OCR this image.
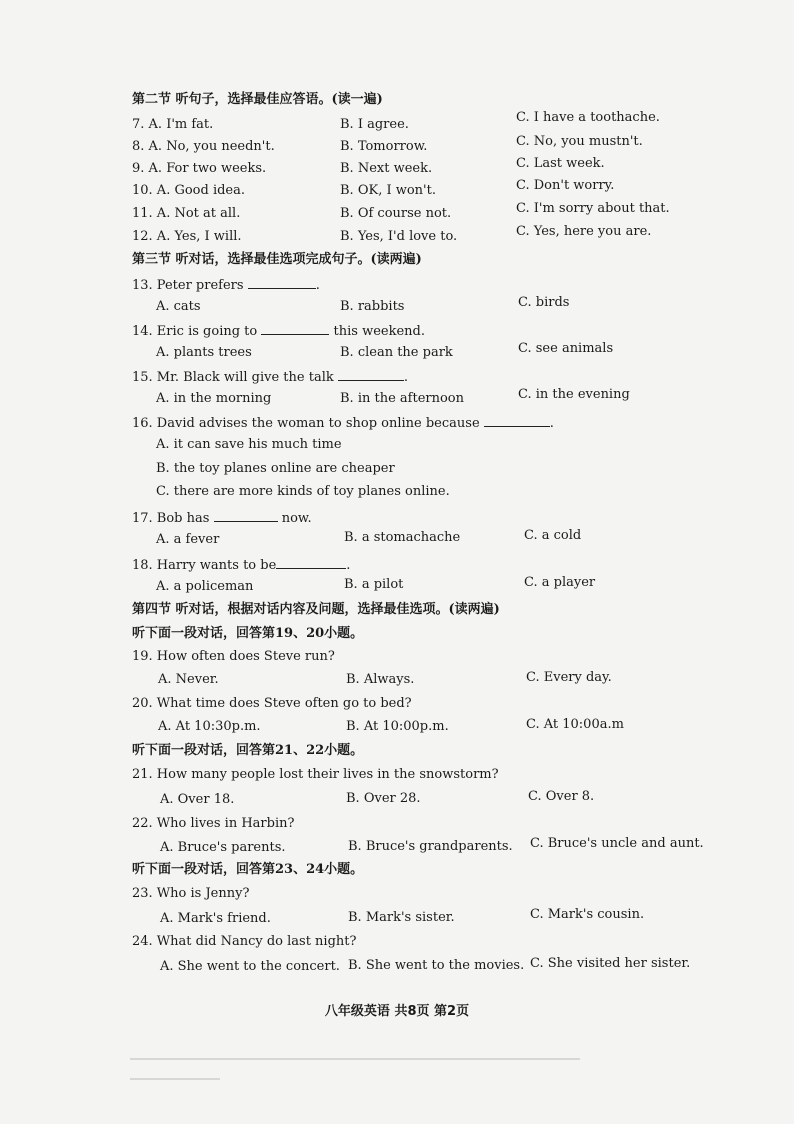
第二节 听句子，选择最佳应答语。(读一遍)
7. A. I'm fat.	B. I agree.	C. I have a toothache.
8. A. No, you needn't.	B. Tomorrow.	C. No, you mustn't.
9. A. For two weeks.	B. Next week.	C. Last week.
10. A. Good idea.	B. OK, I won't.	C. Don't worry.
11. A. Not at all.	B. Of course not.	C. I'm sorry about that.
12. A. Yes, I will.	B. Yes, I'd love to.	C. Yes, here you are.
第三节 听对话，选择最佳选项完成句子。(读两遍)
13. Peter prefers	.
A. cats	B. rabbits	C. birds
14. Eric is going to	this weekend.
A. plants trees	B. clean the park	C. see animals
15. Mr. Black will give the talk	.
A. in the morning	B. in the afternoon	C. in the evening
16. David advises the woman to shop online because	.
A. it can save his much time
B. the toy planes online are cheaper
C. there are more kinds of toy planes online.
17. Bob has	now.
A. a fever	B. a stomachache	C. a cold
18. Harry wants to be	.
A. a policeman	B. a pilot	C. a player
第四节 听对话，根据对话内容及问题，选择最佳选项。(读两遍)
听下面一段对话，回答第19、20小题。
19. How often does Steve run?
A. Never.	B. Always.	C. Every day.
20. What time does Steve often go to bed?
A. At 10:30p.m.	B. At 10:00p.m.	C. At 10:00a.m
听下面一段对话，回答第21、22小题。
21. How many people lost their lives in the snowstorm?
A. Over 18.	B. Over 28.	C. Over 8.
22. Who lives in Harbin?
A. Bruce's parents.	B. Bruce's grandparents. C. Bruce's uncle and aunt.
听下面一段对话，回答第23、24小题。
23. Who is Jenny?
A. Mark's friend.	B. Mark's sister.	C. Mark's cousin.
24. What did Nancy do last night?
A. She went to the concert. B. She went to the movies. C. She visited her sister.
八年级英语 共8页 第2页
